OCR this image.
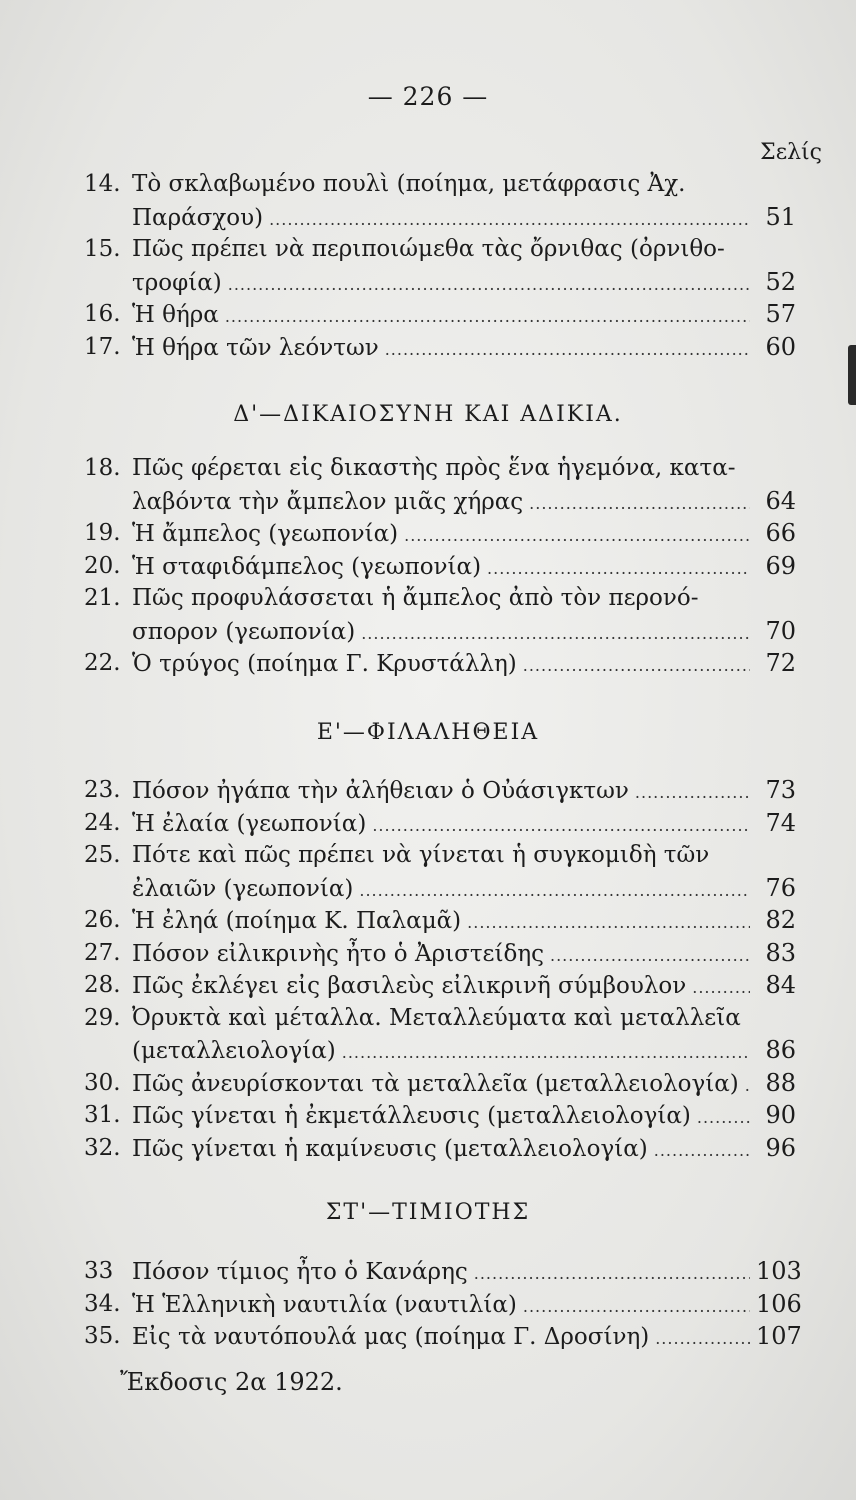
— 226 —
Σελίς
14. Τὸ σκλαβωμένο πουλὶ (ποίημα, μετάφρασις Ἀχ.
Παράσχου) .....	51
15. Πῶς πρέπει νὰ περιποιώμεθα τὰς ὄρνιθας (ὀρνιθο-
τροφία) .....	52
16. Ἡ θήρα .....	57
17. Ἡ θήρα τῶν λεόντων .....	60
Δ'—ΔΙΚΑΙΟΣΥΝΗ ΚΑΙ ΑΔΙΚΙΑ.
18. Πῶς φέρεται εἰς δικαστὴς πρὸς ἕνα ἡγεμόνα, κατα-
λαβόντα τὴν ἄμπελον μιᾶς χήρας .....	64
19. Ἡ ἄμπελος (γεωπονία) .....	66
20. Ἡ σταφιδάμπελος (γεωπονία) .....	69
21. Πῶς προφυλάσσεται ἡ ἄμπελος ἀπὸ τὸν περονό-
σπορον (γεωπονία) .....	70
22. Ὁ τρύγος (ποίημα Γ. Κρυστάλλη) .....	72
Ε'—ΦΙΛΑΛΗΘΕΙΑ
23. Πόσον ἠγάπα τὴν ἀλήθειαν ὁ Οὐάσιγκτων .....	73
24. Ἡ ἐλαία (γεωπονία) .....	74
25. Πότε καὶ πῶς πρέπει νὰ γίνεται ἡ συγκομιδὴ τῶν
ἐλαιῶν (γεωπονία) .....	76
26. Ἡ ἐληά (ποίημα Κ. Παλαμᾶ) .....	82
27. Πόσον εἰλικρινὴς ἦτο ὁ Ἀριστείδης .....	83
28. Πῶς ἐκλέγει εἰς βασιλεὺς εἰλικρινῆ σύμβουλον .....	84
29. Ὀρυκτὰ καὶ μέταλλα. Μεταλλεύματα καὶ μεταλλεῖα
(μεταλλειολογία) .....	86
30. Πῶς ἀνευρίσκονται τὰ μεταλλεῖα (μεταλλειολογία) .....	88
31. Πῶς γίνεται ἡ ἐκμετάλλευσις (μεταλλειολογία) .....	90
32. Πῶς γίνεται ἡ καμίνευσις (μεταλλειολογία) .....	96
ΣΤ'—ΤΙΜΙΟΤΗΣ
33 Πόσον τίμιος ἦτο ὁ Κανάρης .....	103
34. Ἡ Ἑλληνικὴ ναυτιλία (ναυτιλία) .....	106
35. Εἰς τὰ ναυτόπουλά μας (ποίημα Γ. Δροσίνη) .....	107
Ἔκδοσις 2α 1922.
